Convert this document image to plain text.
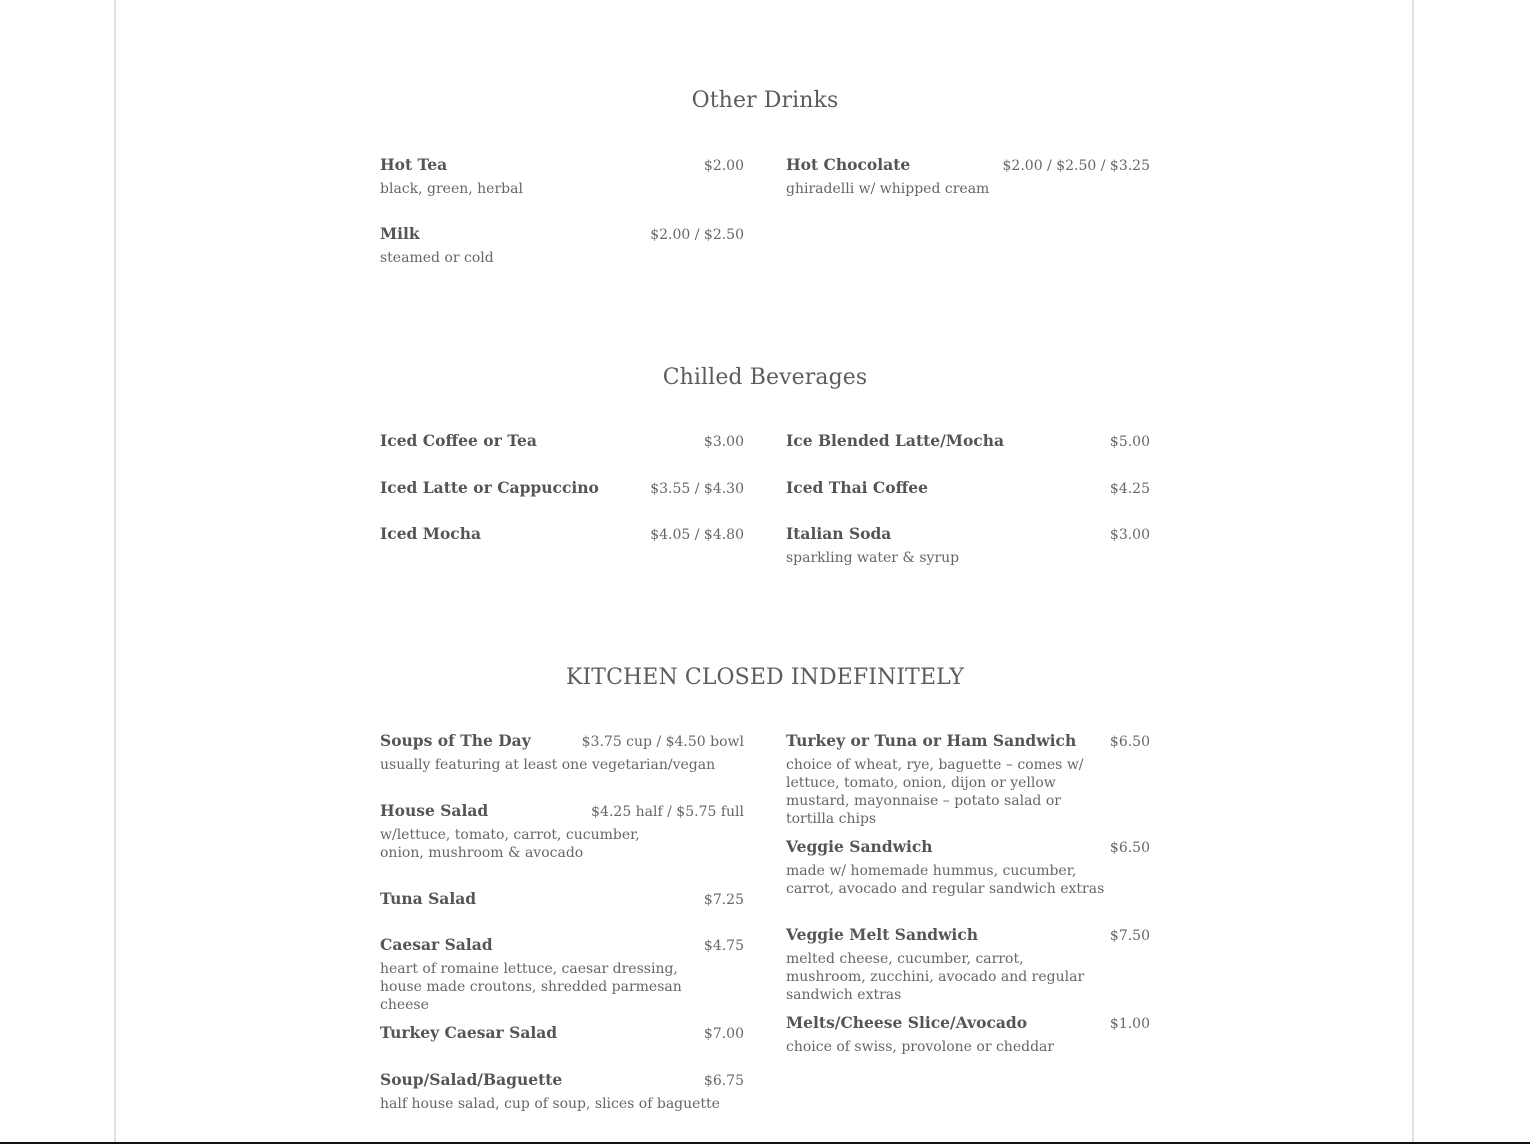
Other Drinks
Hot Tea	$2.00
black, green, herbal
Milk	$2.00 / $2.50
steamed or cold
Hot Chocolate	$2.00 / $2.50 / $3.25
ghiradelli w/ whipped cream
Chilled Beverages
Iced Coffee or Tea	$3.00
Iced Latte or Cappuccino	$3.55 / $4.30
Iced Mocha	$4.05 / $4.80
Ice Blended Latte/Mocha	$5.00
Iced Thai Coffee	$4.25
Italian Soda	$3.00
sparkling water & syrup
KITCHEN CLOSED INDEFINITELY
Soups of The Day	$3.75 cup / $4.50 bowl
usually featuring at least one vegetarian/vegan
House Salad	$4.25 half / $5.75 full
w/lettuce, tomato, carrot, cucumber, onion, mushroom & avocado
Tuna Salad	$7.25
Caesar Salad	$4.75
heart of romaine lettuce, caesar dressing, house made croutons, shredded parmesan cheese
Turkey Caesar Salad	$7.00
Soup/Salad/Baguette	$6.75
half house salad, cup of soup, slices of baguette
Turkey or Tuna or Ham Sandwich $6.50
choice of wheat, rye, baguette – comes w/ lettuce, tomato, onion, dijon or yellow mustard, mayonnaise – potato salad or tortilla chips
Veggie Sandwich	$6.50
made w/ homemade hummus, cucumber, carrot, avocado and regular sandwich extras
Veggie Melt Sandwich	$7.50
melted cheese, cucumber, carrot, mushroom, zucchini, avocado and regular sandwich extras
Melts/Cheese Slice/Avocado	$1.00
choice of swiss, provolone or cheddar
